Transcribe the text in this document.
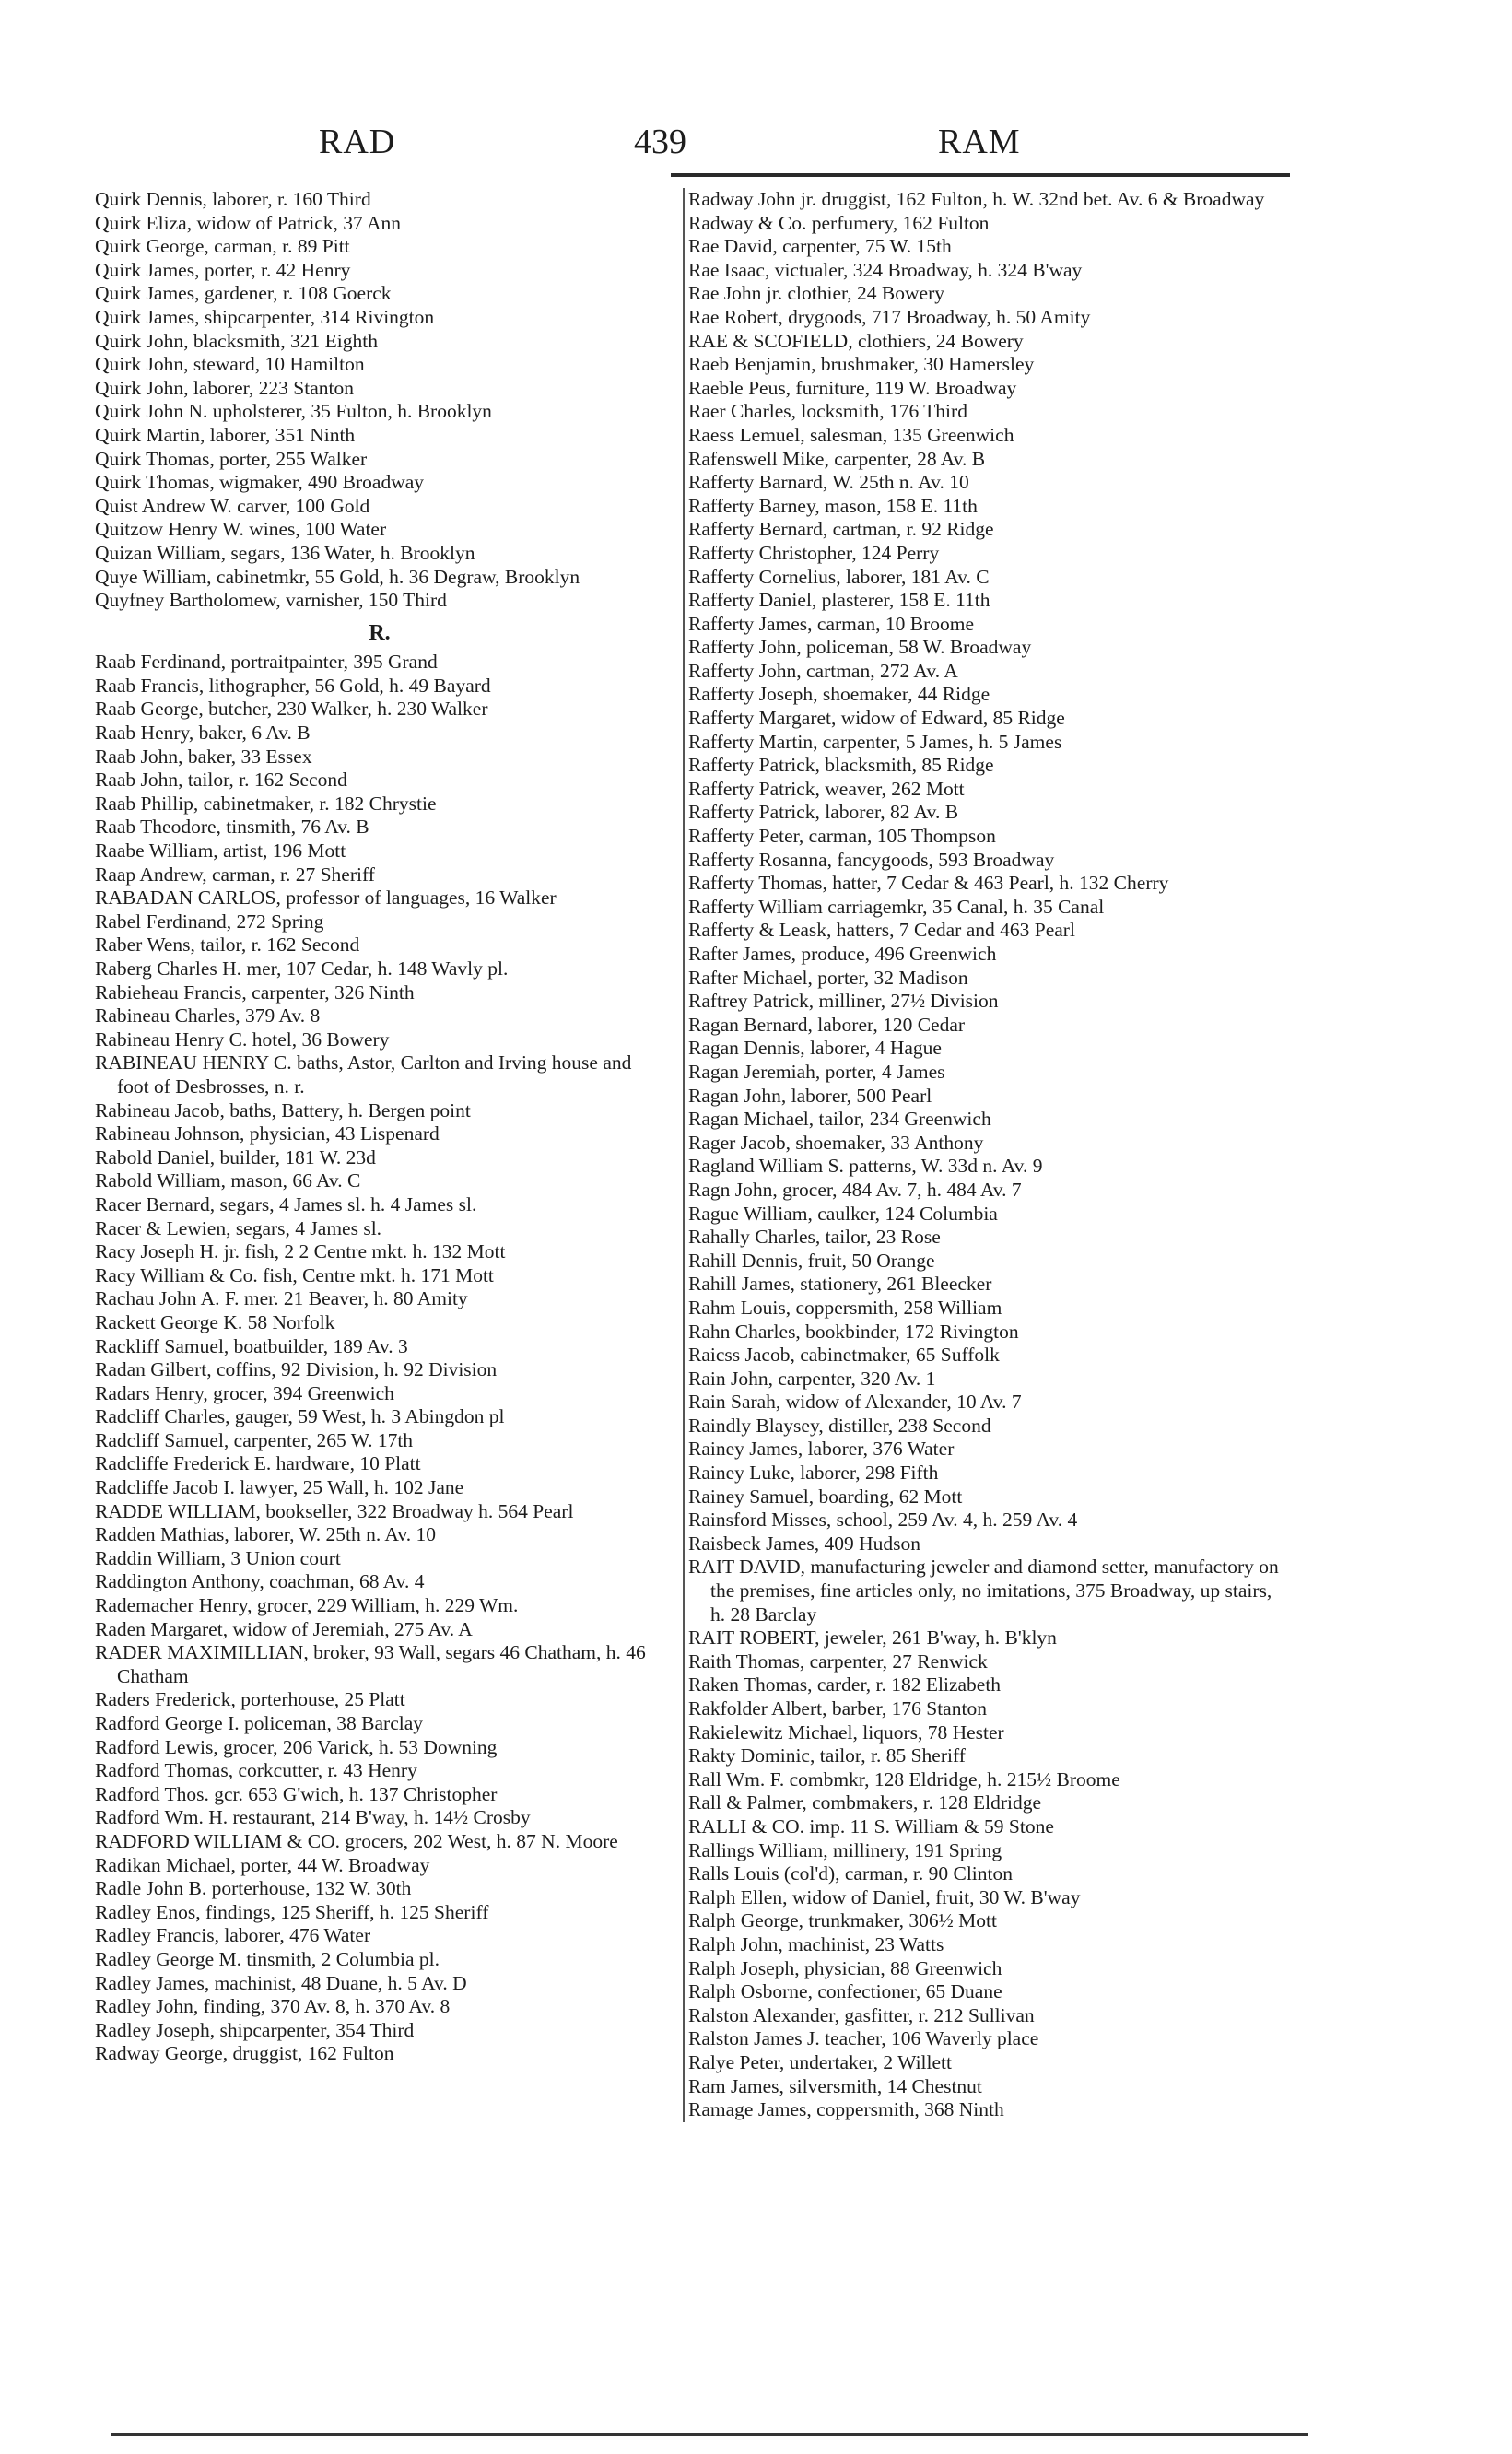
RAD	439	RAM
Quirk Dennis, laborer, r. 160 Third
Quirk Eliza, widow of Patrick, 37 Ann
Quirk George, carman, r. 89 Pitt
Quirk James, porter, r. 42 Henry
Quirk James, gardener, r. 108 Goerck
Quirk James, shipcarpenter, 314 Rivington
Quirk John, blacksmith, 321 Eighth
Quirk John, steward, 10 Hamilton
Quirk John, laborer, 223 Stanton
Quirk John N. upholsterer, 35 Fulton, h. Brooklyn
Quirk Martin, laborer, 351 Ninth
Quirk Thomas, porter, 255 Walker
Quirk Thomas, wigmaker, 490 Broadway
Quist Andrew W. carver, 100 Gold
Quitzow Henry W. wines, 100 Water
Quizan William, segars, 136 Water, h. Brooklyn
Quye William, cabinetmkr, 55 Gold, h. 36 Degraw, Brooklyn
Quyfney Bartholomew, varnisher, 150 Third
R.
Raab Ferdinand, portraitpainter, 395 Grand
Raab Francis, lithographer, 56 Gold, h. 49 Bayard
Raab George, butcher, 230 Walker, h. 230 Walker
Raab Henry, baker, 6 Av. B
Raab John, baker, 33 Essex
Raab John, tailor, r. 162 Second
Raab Phillip, cabinetmaker, r. 182 Chrystie
Raab Theodore, tinsmith, 76 Av. B
Raabe William, artist, 196 Mott
Raap Andrew, carman, r. 27 Sheriff
RABADAN CARLOS, professor of languages, 16 Walker
Rabel Ferdinand, 272 Spring
Raber Wens, tailor, r. 162 Second
Raberg Charles H. mer, 107 Cedar, h. 148 Wavly pl.
Rabieheau Francis, carpenter, 326 Ninth
Rabineau Charles, 379 Av. 8
Rabineau Henry C. hotel, 36 Bowery
RABINEAU HENRY C. baths, Astor, Carlton and Irving house and foot of Desbrosses, n. r.
Rabineau Jacob, baths, Battery, h. Bergen point
Rabineau Johnson, physician, 43 Lispenard
Rabold Daniel, builder, 181 W. 23d
Rabold William, mason, 66 Av. C
Racer Bernard, segars, 4 James sl. h. 4 James sl.
Racer & Lewien, segars, 4 James sl.
Racy Joseph H. jr. fish, 2 2 Centre mkt. h. 132 Mott
Racy William & Co. fish, Centre mkt. h. 171 Mott
Rachau John A. F. mer. 21 Beaver, h. 80 Amity
Rackett George K. 58 Norfolk
Rackliff Samuel, boatbuilder, 189 Av. 3
Radan Gilbert, coffins, 92 Division, h. 92 Division
Radars Henry, grocer, 394 Greenwich
Radcliff Charles, gauger, 59 West, h. 3 Abingdon pl
Radcliff Samuel, carpenter, 265 W. 17th
Radcliffe Frederick E. hardware, 10 Platt
Radcliffe Jacob I. lawyer, 25 Wall, h. 102 Jane
RADDE WILLIAM, bookseller, 322 Broadway h. 564 Pearl
Radden Mathias, laborer, W. 25th n. Av. 10
Raddin William, 3 Union court
Raddington Anthony, coachman, 68 Av. 4
Rademacher Henry, grocer, 229 William, h. 229 Wm.
Raden Margaret, widow of Jeremiah, 275 Av. A
RADER MAXIMILLIAN, broker, 93 Wall, segars 46 Chatham, h. 46 Chatham
Raders Frederick, porterhouse, 25 Platt
Radford George I. policeman, 38 Barclay
Radford Lewis, grocer, 206 Varick, h. 53 Downing
Radford Thomas, corkcutter, r. 43 Henry
Radford Thos. gcr. 653 G'wich, h. 137 Christopher
Radford Wm. H. restaurant, 214 B'way, h. 14½ Crosby
RADFORD WILLIAM & CO. grocers, 202 West, h. 87 N. Moore
Radikan Michael, porter, 44 W. Broadway
Radle John B. porterhouse, 132 W. 30th
Radley Enos, findings, 125 Sheriff, h. 125 Sheriff
Radley Francis, laborer, 476 Water
Radley George M. tinsmith, 2 Columbia pl.
Radley James, machinist, 48 Duane, h. 5 Av. D
Radley John, finding, 370 Av. 8, h. 370 Av. 8
Radley Joseph, shipcarpenter, 354 Third
Radway George, druggist, 162 Fulton
Radway John jr. druggist, 162 Fulton, h. W. 32nd bet. Av. 6 & Broadway
Radway & Co. perfumery, 162 Fulton
Rae David, carpenter, 75 W. 15th
Rae Isaac, victualer, 324 Broadway, h. 324 B'way
Rae John jr. clothier, 24 Bowery
Rae Robert, drygoods, 717 Broadway, h. 50 Amity
RAE & SCOFIELD, clothiers, 24 Bowery
Raeb Benjamin, brushmaker, 30 Hamersley
Raeble Peus, furniture, 119 W. Broadway
Raer Charles, locksmith, 176 Third
Raess Lemuel, salesman, 135 Greenwich
Rafenswell Mike, carpenter, 28 Av. B
Rafferty Barnard, W. 25th n. Av. 10
Rafferty Barney, mason, 158 E. 11th
Rafferty Bernard, cartman, r. 92 Ridge
Rafferty Christopher, 124 Perry
Rafferty Cornelius, laborer, 181 Av. C
Rafferty Daniel, plasterer, 158 E. 11th
Rafferty James, carman, 10 Broome
Rafferty John, policeman, 58 W. Broadway
Rafferty John, cartman, 272 Av. A
Rafferty Joseph, shoemaker, 44 Ridge
Rafferty Margaret, widow of Edward, 85 Ridge
Rafferty Martin, carpenter, 5 James, h. 5 James
Rafferty Patrick, blacksmith, 85 Ridge
Rafferty Patrick, weaver, 262 Mott
Rafferty Patrick, laborer, 82 Av. B
Rafferty Peter, carman, 105 Thompson
Rafferty Rosanna, fancygoods, 593 Broadway
Rafferty Thomas, hatter, 7 Cedar & 463 Pearl, h. 132 Cherry
Rafferty William carriagemkr, 35 Canal, h. 35 Canal
Rafferty & Leask, hatters, 7 Cedar and 463 Pearl
Rafter James, produce, 496 Greenwich
Rafter Michael, porter, 32 Madison
Raftrey Patrick, milliner, 27½ Division
Ragan Bernard, laborer, 120 Cedar
Ragan Dennis, laborer, 4 Hague
Ragan Jeremiah, porter, 4 James
Ragan John, laborer, 500 Pearl
Ragan Michael, tailor, 234 Greenwich
Rager Jacob, shoemaker, 33 Anthony
Ragland William S. patterns, W. 33d n. Av. 9
Ragn John, grocer, 484 Av. 7, h. 484 Av. 7
Rague William, caulker, 124 Columbia
Rahally Charles, tailor, 23 Rose
Rahill Dennis, fruit, 50 Orange
Rahill James, stationery, 261 Bleecker
Rahm Louis, coppersmith, 258 William
Rahn Charles, bookbinder, 172 Rivington
Raicss Jacob, cabinetmaker, 65 Suffolk
Rain John, carpenter, 320 Av. 1
Rain Sarah, widow of Alexander, 10 Av. 7
Raindly Blaysey, distiller, 238 Second
Rainey James, laborer, 376 Water
Rainey Luke, laborer, 298 Fifth
Rainey Samuel, boarding, 62 Mott
Rainsford Misses, school, 259 Av. 4, h. 259 Av. 4
Raisbeck James, 409 Hudson
RAIT DAVID, manufacturing jeweler and diamond setter, manufactory on the premises, fine articles only, no imitations, 375 Broadway, up stairs, h. 28 Barclay
RAIT ROBERT, jeweler, 261 B'way, h. B'klyn
Raith Thomas, carpenter, 27 Renwick
Raken Thomas, carder, r. 182 Elizabeth
Rakfolder Albert, barber, 176 Stanton
Rakielewitz Michael, liquors, 78 Hester
Rakty Dominic, tailor, r. 85 Sheriff
Rall Wm. F. combmkr, 128 Eldridge, h. 215½ Broome
Rall & Palmer, combmakers, r. 128 Eldridge
RALLI & CO. imp. 11 S. William & 59 Stone
Rallings William, millinery, 191 Spring
Ralls Louis (col'd), carman, r. 90 Clinton
Ralph Ellen, widow of Daniel, fruit, 30 W. B'way
Ralph George, trunkmaker, 306½ Mott
Ralph John, machinist, 23 Watts
Ralph Joseph, physician, 88 Greenwich
Ralph Osborne, confectioner, 65 Duane
Ralston Alexander, gasfitter, r. 212 Sullivan
Ralston James J. teacher, 106 Waverly place
Ralye Peter, undertaker, 2 Willett
Ram James, silversmith, 14 Chestnut
Ramage James, coppersmith, 368 Ninth
